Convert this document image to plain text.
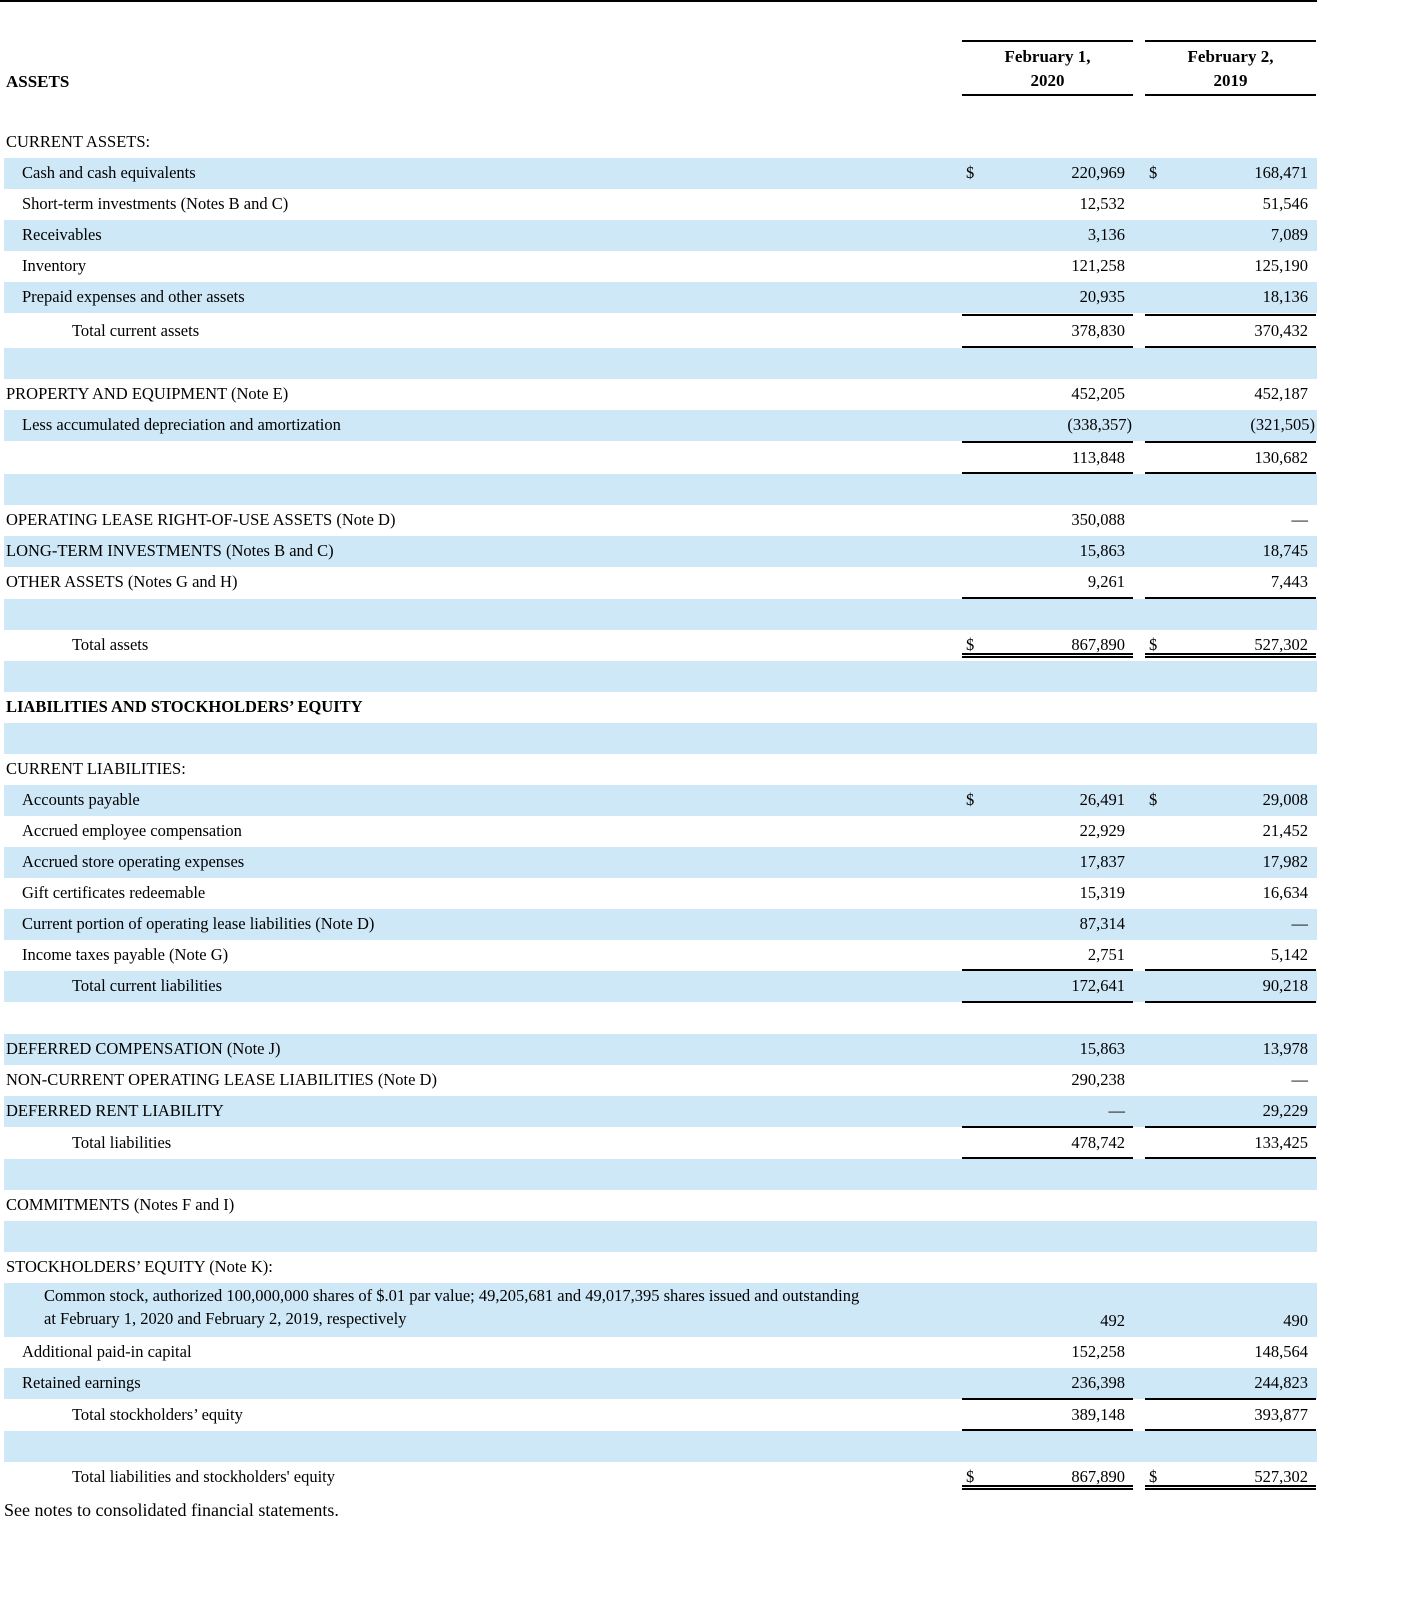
ASSETS
February 1,
2020
February 2,
2019
CURRENT ASSETS:
Cash and cash equivalents	$	220,969 $	168,471
Short-term investments (Notes B and C)	12,532	51,546
Receivables	3,136	7,089
Inventory	121,258	125,190
Prepaid expenses and other assets	20,935	18,136
Total current assets	378,830	370,432
PROPERTY AND EQUIPMENT (Note E)	452,205	452,187
Less accumulated depreciation and amortization	(338,357)	(321,505)
113,848	130,682
OPERATING LEASE RIGHT-OF-USE ASSETS (Note D)	350,088	—
LONG-TERM INVESTMENTS (Notes B and C)	15,863	18,745
OTHER ASSETS (Notes G and H)	9,261	7,443
Total assets	$	867,890 $	527,302
LIABILITIES AND STOCKHOLDERS’ EQUITY
CURRENT LIABILITIES:
Accounts payable	$	26,491 $	29,008
Accrued employee compensation	22,929	21,452
Accrued store operating expenses	17,837	17,982
Gift certificates redeemable	15,319	16,634
Current portion of operating lease liabilities (Note D)	87,314	—
Income taxes payable (Note G)	2,751	5,142
Total current liabilities	172,641	90,218
DEFERRED COMPENSATION (Note J)	15,863	13,978
NON-CURRENT OPERATING LEASE LIABILITIES (Note D)	290,238	—
DEFERRED RENT LIABILITY	—	29,229
Total liabilities	478,742	133,425
COMMITMENTS (Notes F and I)
STOCKHOLDERS’ EQUITY (Note K):
Common stock, authorized 100,000,000 shares of $.01 par value; 49,205,681 and 49,017,395 shares issued and outstanding
at February 1, 2020 and February 2, 2019, respectively	492	490
Additional paid-in capital	152,258	148,564
Retained earnings	236,398	244,823
Total stockholders’ equity	389,148	393,877
Total liabilities and stockholders' equity	$	867,890 $	527,302
See notes to consolidated financial statements.
